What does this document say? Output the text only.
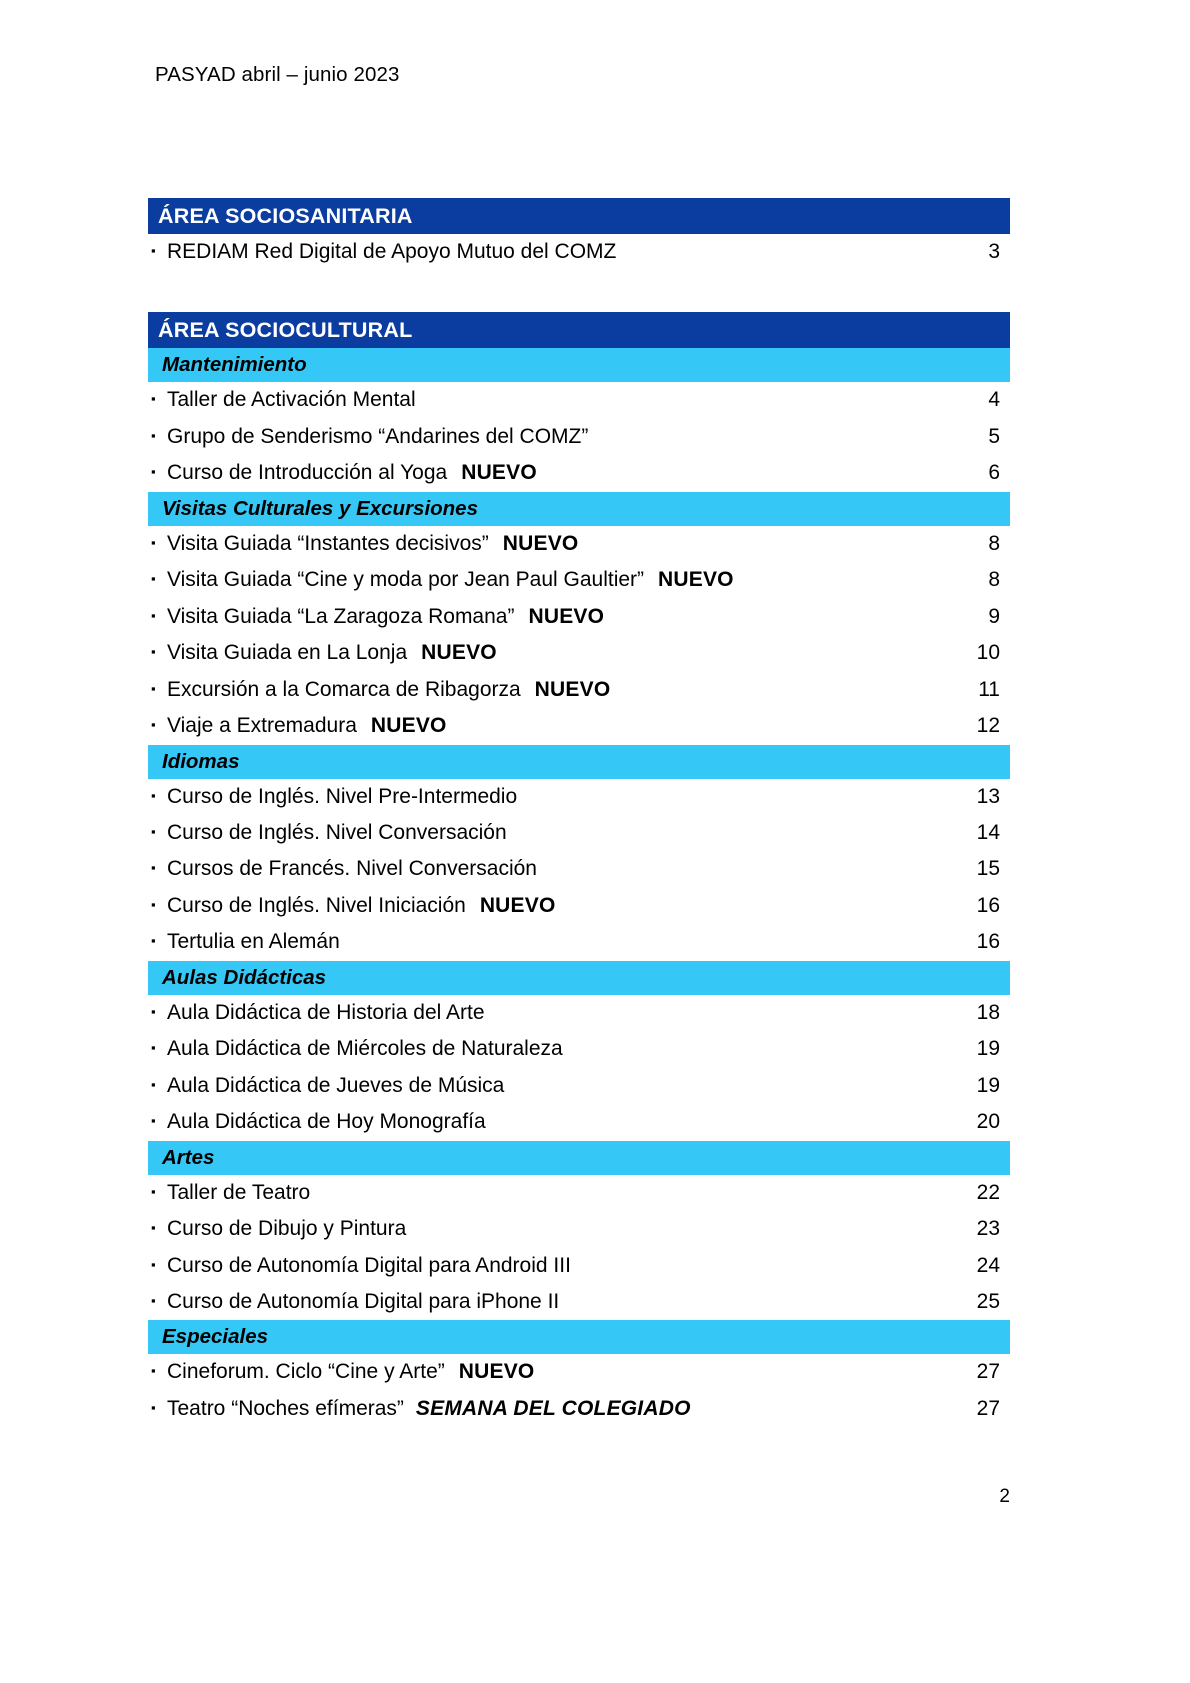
PASYAD abril – junio 2023
ÁREA SOCIOSANITARIA
▪
REDIAM Red Digital de Apoyo Mutuo del COMZ	3
ÁREA SOCIOCULTURAL
Mantenimiento
▪
Taller de Activación Mental	4
▪
Grupo de Senderismo “Andarines del COMZ”	5
▪
Curso de Introducción al Yoga NUEVO	6
Visitas Culturales y Excursiones
▪
Visita Guiada “Instantes decisivos” NUEVO	8
▪
Visita Guiada “Cine y moda por Jean Paul Gaultier” NUEVO	8
▪
Visita Guiada “La Zaragoza Romana” NUEVO	9
▪
Visita Guiada en La Lonja NUEVO	10
▪
Excursión a la Comarca de Ribagorza NUEVO	11
▪
Viaje a Extremadura NUEVO	12
Idiomas
▪
Curso de Inglés. Nivel Pre-Intermedio	13
▪
Curso de Inglés. Nivel Conversación	14
▪
Cursos de Francés. Nivel Conversación	15
▪
Curso de Inglés. Nivel Iniciación NUEVO	16
▪
Tertulia en Alemán	16
Aulas Didácticas
▪
Aula Didáctica de Historia del Arte	18
▪
Aula Didáctica de Miércoles de Naturaleza	19
▪
Aula Didáctica de Jueves de Música	19
▪
Aula Didáctica de Hoy Monografía	20
Artes
▪
Taller de Teatro	22
▪
Curso de Dibujo y Pintura	23
▪
Curso de Autonomía Digital para Android III	24
▪
Curso de Autonomía Digital para iPhone II	25
Especiales
▪
Cineforum. Ciclo “Cine y Arte” NUEVO	27
▪
Teatro “Noches efímeras” SEMANA DEL COLEGIADO	27
2
